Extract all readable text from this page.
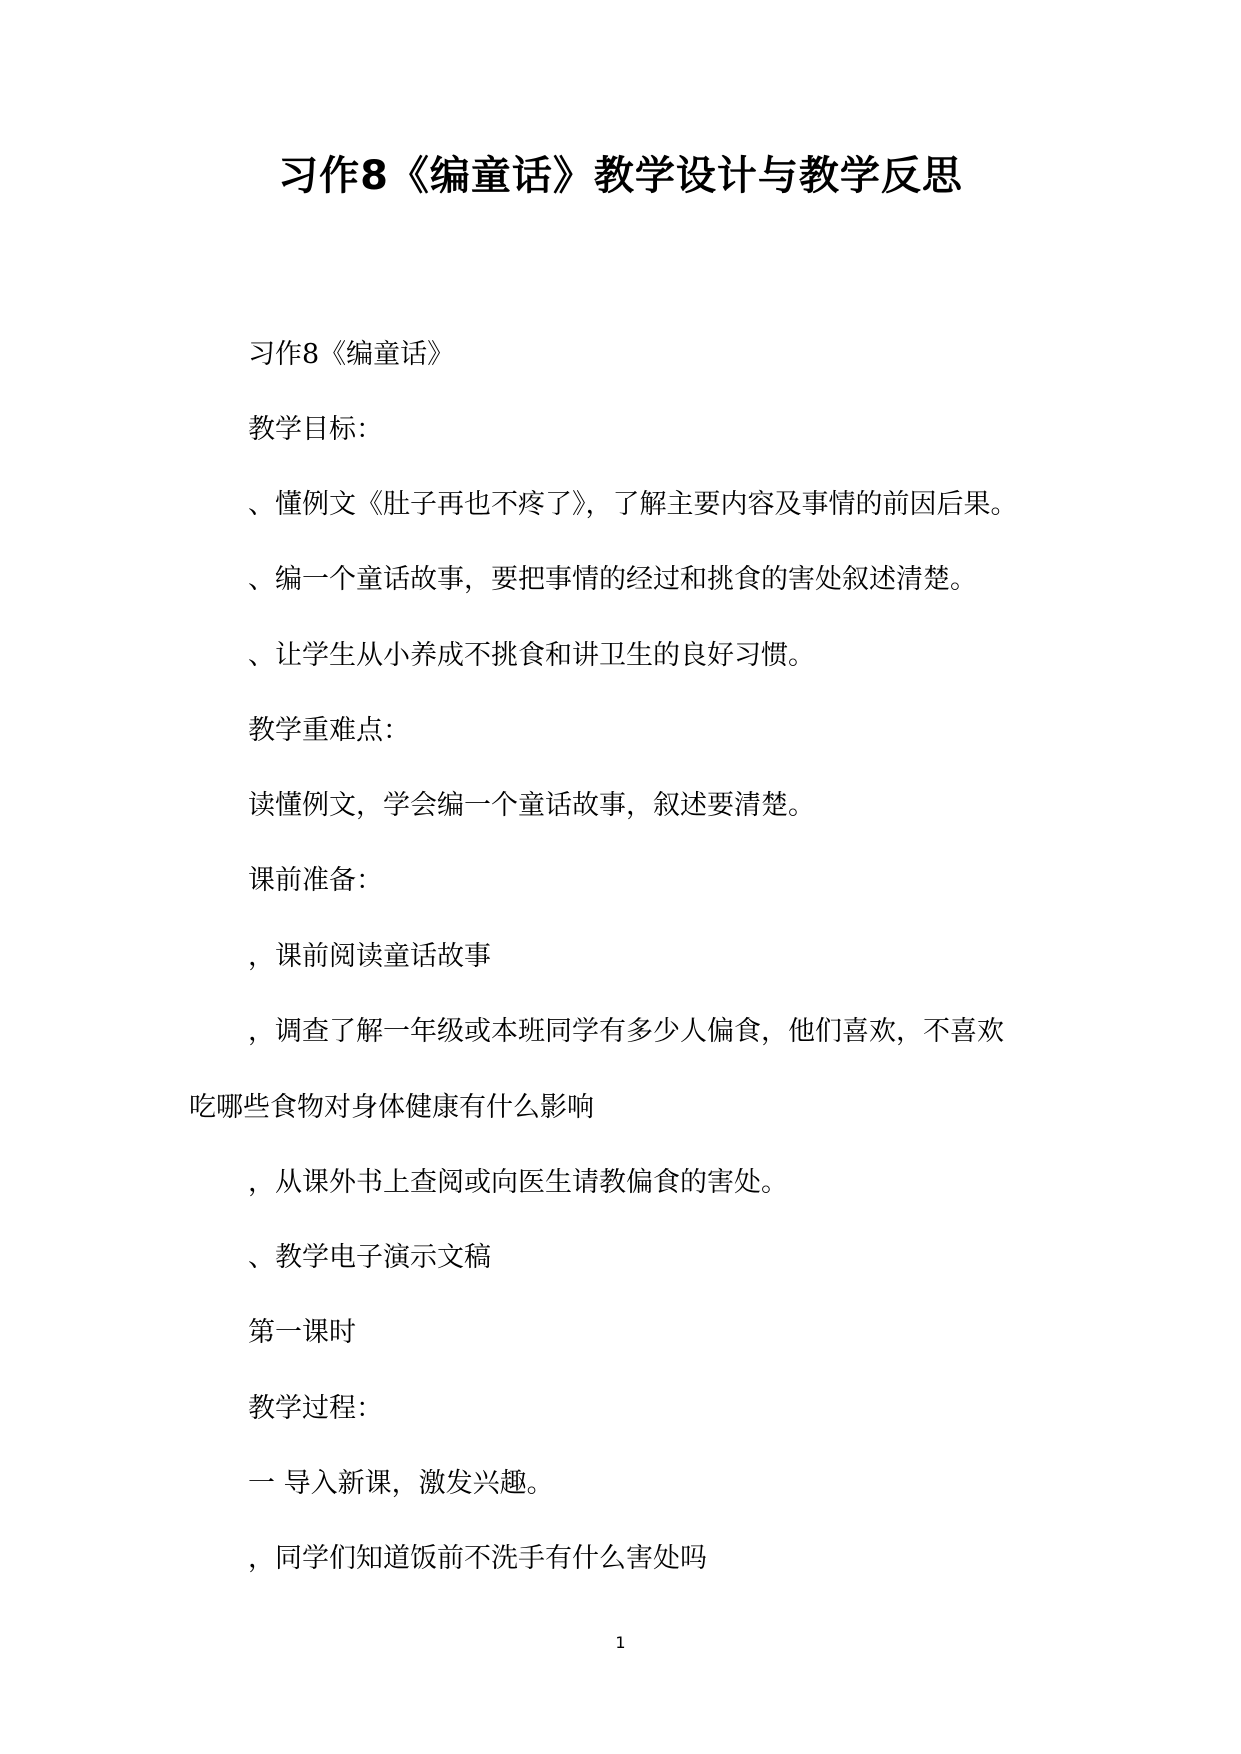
习作8《编童话》教学设计与教学反思
习作8《编童话》
教学目标：
、懂例文《肚子再也不疼了》，了解主要内容及事情的前因后果。
、编一个童话故事，要把事情的经过和挑食的害处叙述清楚。
、让学生从小养成不挑食和讲卫生的良好习惯。
教学重难点：
读懂例文，学会编一个童话故事，叙述要清楚。
课前准备：
，课前阅读童话故事
，调查了解一年级或本班同学有多少人偏食，他们喜欢，不喜欢
吃哪些食物对身体健康有什么影响
，从课外书上查阅或向医生请教偏食的害处。
、教学电子演示文稿
第一课时
教学过程：
一 导入新课，激发兴趣。
，同学们知道饭前不洗手有什么害处吗
1
